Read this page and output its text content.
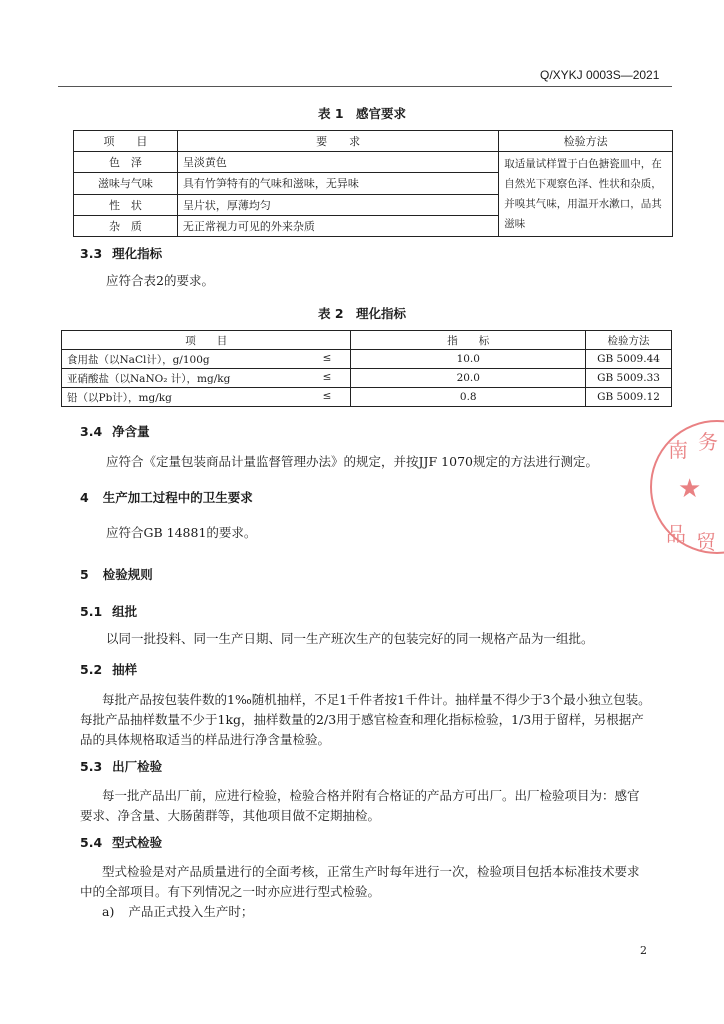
Q/XYKJ 0003S—2021
表 1　感官要求
项　　目	要　　求	检验方法
色　泽	呈淡黄色	取适量试样置于白色搪瓷皿中，在
自然光下观察色泽、性状和杂质，
并嗅其气味，用温开水漱口，品其
滋味

滋味与气味	具有竹笋特有的气味和滋味，无异味	
性　状	呈片状，厚薄均匀	
杂　质	无正常视力可见的外来杂质	
3.3 理化指标
应符合表2的要求。
表 2　理化指标
项　　目	指　　标	检验方法
食用盐（以NaCl计），g/100g ≤	10.0	GB 5009.44
亚硝酸盐（以NaNO₂ 计），mg/kg ≤	20.0	GB 5009.33
铅（以Pb计），mg/kg ≤	0.8	GB 5009.12
3.4 净含量
应符合《定量包装商品计量监督管理办法》的规定，并按JJF 1070规定的方法进行测定。
4 生产加工过程中的卫生要求
应符合GB 14881的要求。
5 检验规则
5.1 组批
以同一批投料、同一生产日期、同一生产班次生产的包装完好的同一规格产品为一组批。
5.2 抽样
每批产品按包装件数的1‰随机抽样，不足1千件者按1千件计。抽样量不得少于3个最小独立包装。
每批产品抽样数量不少于1kg，抽样数量的2/3用于感官检查和理化指标检验，1/3用于留样，另根据产
品的具体规格取适当的样品进行净含量检验。
5.3 出厂检验
每一批产品出厂前，应进行检验，检验合格并附有合格证的产品方可出厂。出厂检验项目为：感官
要求、净含量、大肠菌群等，其他项目做不定期抽检。
5.4 型式检验
型式检验是对产品质量进行的全面考核，正常生产时每年进行一次，检验项目包括本标准技术要求
中的全部项目。有下列情况之一时亦应进行型式检验。
a) 产品正式投入生产时；
2
南 务
★
品 贸
